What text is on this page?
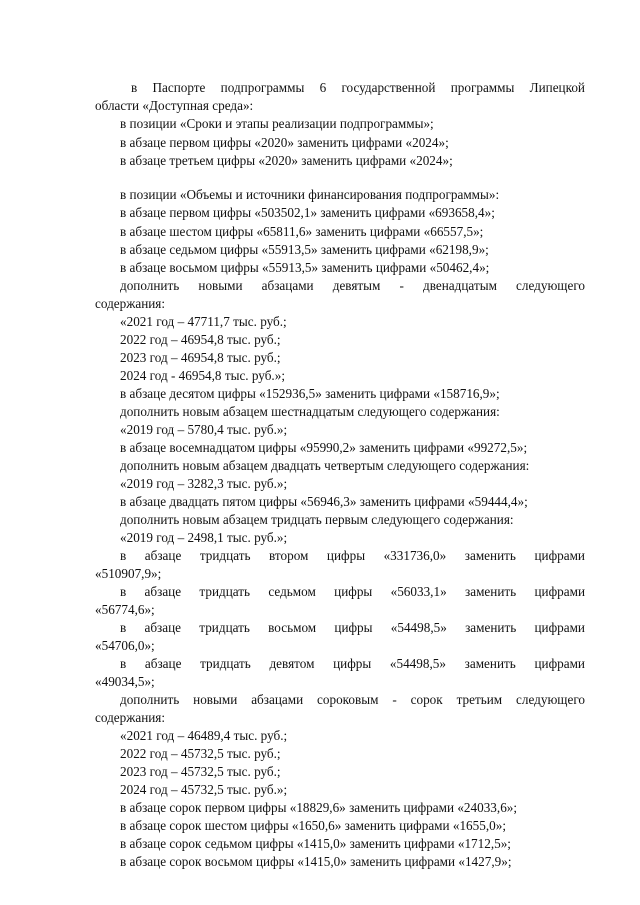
в Паспорте подпрограммы 6 государственной программы Липецкой
области «Доступная среда»:
в позиции «Сроки и этапы реализации подпрограммы»;
в абзаце первом цифры «2020» заменить цифрами «2024»;
в абзаце третьем цифры «2020» заменить цифрами «2024»;
в позиции «Объемы и источники финансирования подпрограммы»:
в абзаце первом цифры «503502,1» заменить цифрами «693658,4»;
в абзаце шестом цифры «65811,6» заменить цифрами «66557,5»;
в абзаце седьмом цифры «55913,5» заменить цифрами «62198,9»;
в абзаце восьмом цифры «55913,5» заменить цифрами «50462,4»;
дополнить новыми абзацами девятым - двенадцатым следующего
содержания:
«2021 год – 47711,7 тыс. руб.;
2022 год – 46954,8 тыс. руб.;
2023 год – 46954,8 тыс. руб.;
2024 год - 46954,8 тыс. руб.»;
в абзаце десятом цифры «152936,5» заменить цифрами «158716,9»;
дополнить новым абзацем шестнадцатым следующего содержания:
«2019 год – 5780,4 тыс. руб.»;
в абзаце восемнадцатом цифры «95990,2» заменить цифрами «99272,5»;
дополнить новым абзацем двадцать четвертым следующего содержания:
«2019 год – 3282,3 тыс. руб.»;
в абзаце двадцать пятом цифры «56946,3» заменить цифрами «59444,4»;
дополнить новым абзацем тридцать первым следующего содержания:
«2019 год – 2498,1 тыс. руб.»;
в абзаце тридцать втором цифры «331736,0» заменить цифрами
«510907,9»;
в абзаце тридцать седьмом цифры «56033,1» заменить цифрами
«56774,6»;
в абзаце тридцать восьмом цифры «54498,5» заменить цифрами
«54706,0»;
в абзаце тридцать девятом цифры «54498,5» заменить цифрами
«49034,5»;
дополнить новыми абзацами сороковым - сорок третьим следующего
содержания:
«2021 год – 46489,4 тыс. руб.;
2022 год – 45732,5 тыс. руб.;
2023 год – 45732,5 тыс. руб.;
2024 год – 45732,5 тыс. руб.»;
в абзаце сорок первом цифры «18829,6» заменить цифрами «24033,6»;
в абзаце сорок шестом цифры «1650,6» заменить цифрами «1655,0»;
в абзаце сорок седьмом цифры «1415,0» заменить цифрами «1712,5»;
в абзаце сорок восьмом цифры «1415,0» заменить цифрами «1427,9»;
